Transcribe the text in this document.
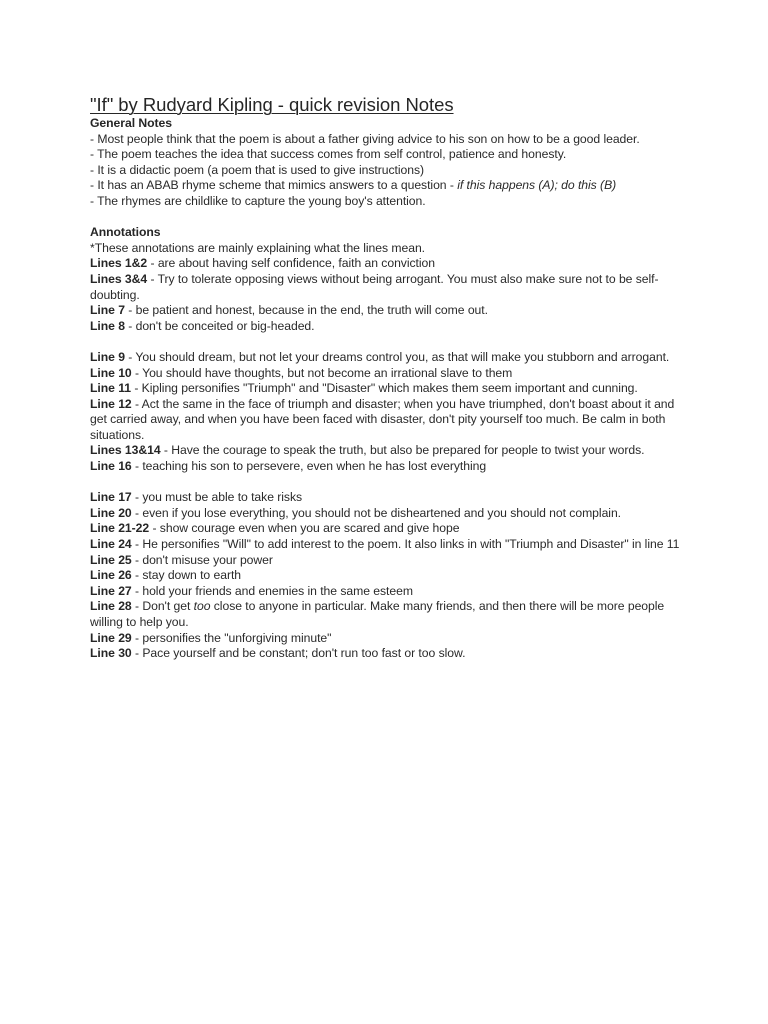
"If" by Rudyard Kipling - quick revision Notes

General Notes

- Most people think that the poem is about a father giving advice to his son on how to be a good leader.

- The poem teaches the idea that success comes from self control, patience and honesty.

- It is a didactic poem (a poem that is used to give instructions)

- It has an ABAB rhyme scheme that mimics answers to a question - if this happens (A); do this (B)

- The rhymes are childlike to capture the young boy's attention.

Annotations

*These annotations are mainly explaining what the lines mean.

Lines 1&2 - are about having self confidence, faith an conviction

Lines 3&4 - Try to tolerate opposing views without being arrogant. You must also make sure not to be self-doubting.

Line 7 - be patient and honest, because in the end, the truth will come out.

Line 8 - don't be conceited or big-headed.

Line 9 - You should dream, but not let your dreams control you, as that will make you stubborn and arrogant.

Line 10 - You should have thoughts, but not become an irrational slave to them

Line 11 - Kipling personifies "Triumph" and "Disaster" which makes them seem important and cunning.

Line 12 - Act the same in the face of triumph and disaster; when you have triumphed, don't boast about it and get carried away, and when you have been faced with disaster, don't pity yourself too much. Be calm in both situations.

Lines 13&14 - Have the courage to speak the truth, but also be prepared for people to twist your words.

Line 16 - teaching his son to persevere, even when he has lost everything

Line 17 - you must be able to take risks

Line 20 - even if you lose everything, you should not be disheartened and you should not complain.

Line 21-22 - show courage even when you are scared and give hope

Line 24 - He personifies "Will" to add interest to the poem. It also links in with "Triumph and Disaster" in line 11

Line 25 - don't misuse your power

Line 26 - stay down to earth

Line 27 - hold your friends and enemies in the same esteem

Line 28 - Don't get too close to anyone in particular. Make many friends, and then there will be more people willing to help you.

Line 29 - personifies the "unforgiving minute"

Line 30 - Pace yourself and be constant; don't run too fast or too slow.
